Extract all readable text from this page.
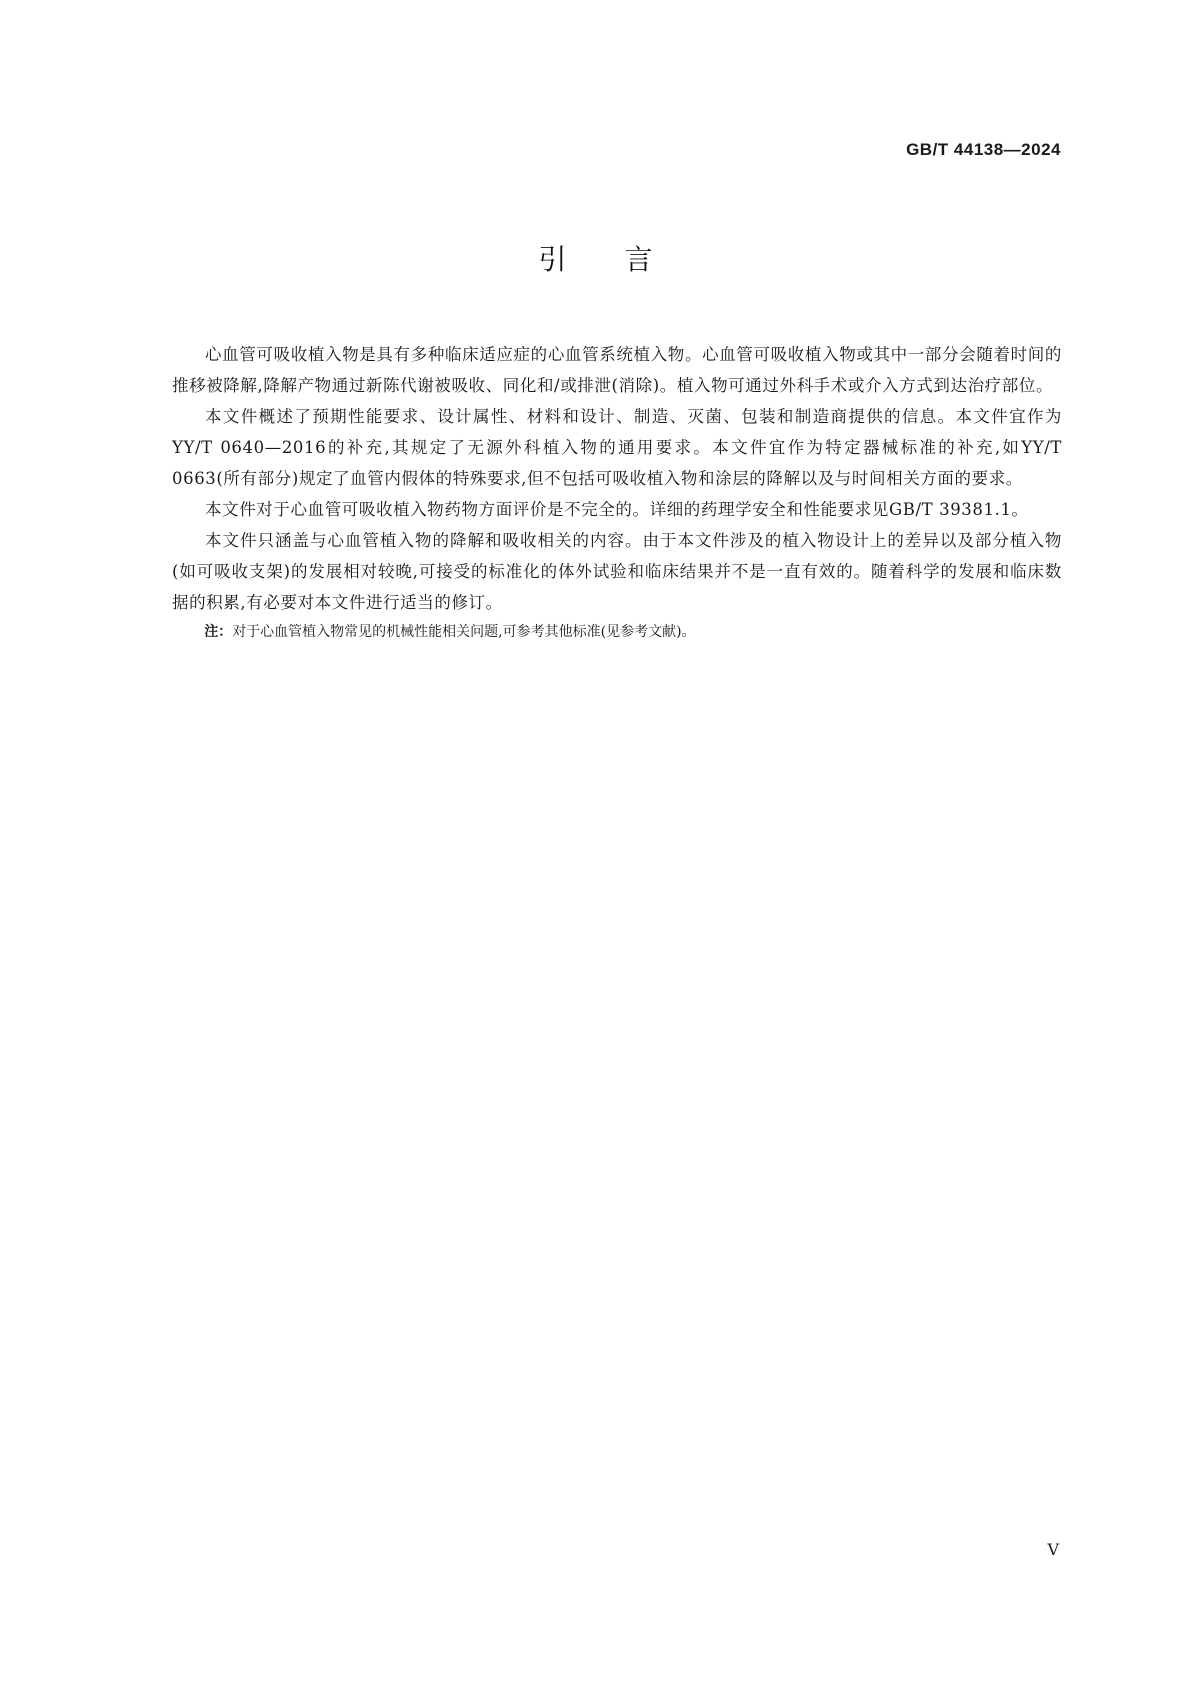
GB/T 44138—2024
引言

心血管可吸收植入物是具有多种临床适应症的心血管系统植入物。心血管可吸收植入物或其中一部分会随着时间的推移被降解,降解产物通过新陈代谢被吸收、同化和/或排泄(消除)。植入物可通过外科手术或介入方式到达治疗部位。

本文件概述了预期性能要求、设计属性、材料和设计、制造、灭菌、包装和制造商提供的信息。本文件宜作为YY/T 0640—2016的补充,其规定了无源外科植入物的通用要求。本文件宜作为特定器械标准的补充,如YY/T 0663(所有部分)规定了血管内假体的特殊要求,但不包括可吸收植入物和涂层的降解以及与时间相关方面的要求。

本文件对于心血管可吸收植入物药物方面评价是不完全的。详细的药理学安全和性能要求见GB/T 39381.1。

本文件只涵盖与心血管植入物的降解和吸收相关的内容。由于本文件涉及的植入物设计上的差异以及部分植入物(如可吸收支架)的发展相对较晚,可接受的标准化的体外试验和临床结果并不是一直有效的。随着科学的发展和临床数据的积累,有必要对本文件进行适当的修订。

注：对于心血管植入物常见的机械性能相关问题,可参考其他标准(见参考文献)。

V
